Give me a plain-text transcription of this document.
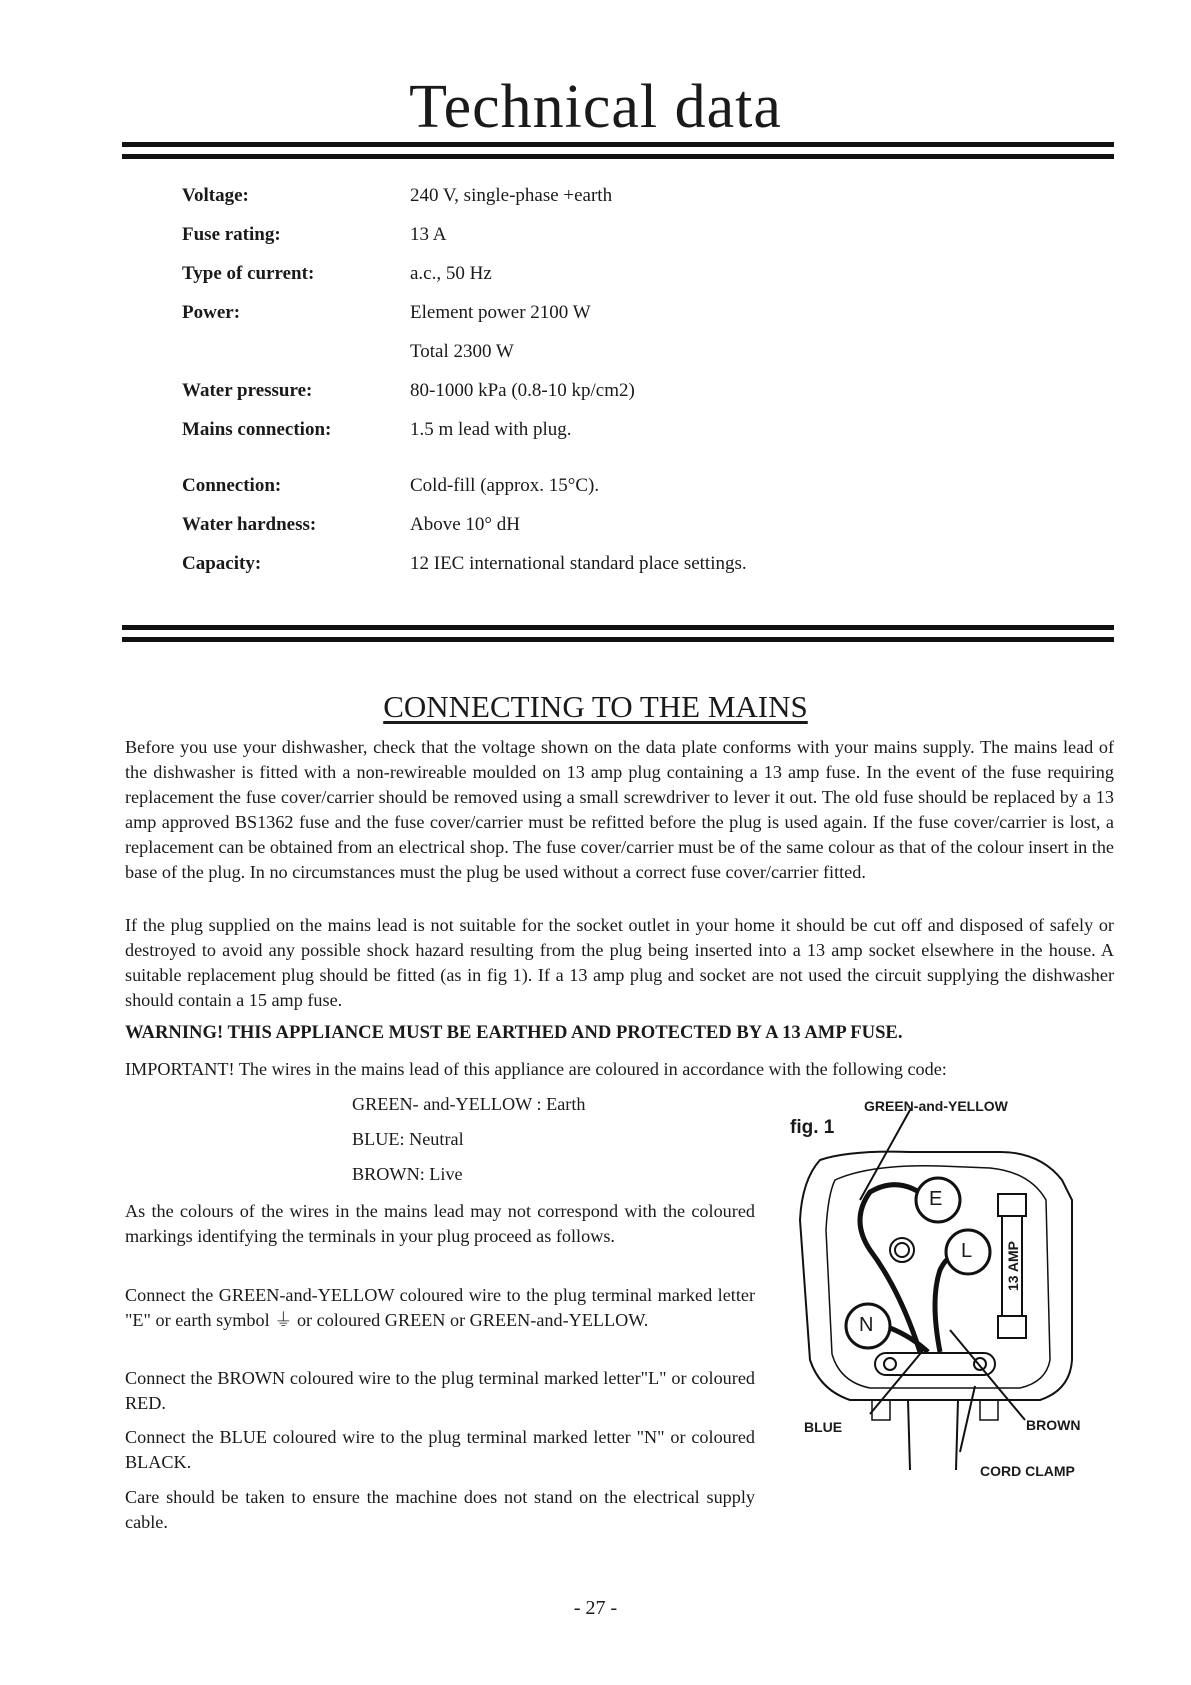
Technical data
Voltage:	240 V, single-phase +earth
Fuse rating:	13 A
Type of current:	a.c., 50 Hz
Power:	Element power 2100 W
Total 2300 W
Water pressure:	80-1000 kPa (0.8-10 kp/cm2)
Mains connection:	1.5 m lead with plug.
Connection:	Cold-fill (approx. 15°C).
Water hardness:	Above 10° dH
Capacity:	12 IEC international standard place settings.
CONNECTING TO THE MAINS
Before you use your dishwasher, check that the voltage shown on the data plate conforms with your mains supply. The mains lead of the dishwasher is fitted with a non-rewireable moulded on 13 amp plug containing a 13 amp fuse. In the event of the fuse requiring replacement the fuse cover/carrier should be removed using a small screwdriver to lever it out. The old fuse should be replaced by a 13 amp approved BS1362 fuse and the fuse cover/carrier must be refitted before the plug is used again. If the fuse cover/carrier is lost, a replacement can be obtained from an electrical shop. The fuse cover/carrier must be of the same colour as that of the colour insert in the base of the plug. In no circumstances must the plug be used without a correct fuse cover/carrier fitted.
If the plug supplied on the mains lead is not suitable for the socket outlet in your home it should be cut off and disposed of safely or destroyed to avoid any possible shock hazard resulting from the plug being inserted into a 13 amp socket elsewhere in the house. A suitable replacement plug should be fitted (as in fig 1). If a 13 amp plug and socket are not used the circuit supplying the dishwasher should contain a 15 amp fuse.
WARNING! THIS APPLIANCE MUST BE EARTHED AND PROTECTED BY A 13 AMP FUSE.
IMPORTANT! The wires in the mains lead of this appliance are coloured in accordance with the following code:
GREEN- and-YELLOW : Earth
BLUE: Neutral
BROWN: Live
As the colours of the wires in the mains lead may not correspond with the coloured markings identifying the terminals in your plug proceed as follows.
Connect the GREEN-and-YELLOW coloured wire to the plug terminal marked letter "E" or earth symbol ⏚ or coloured GREEN or GREEN-and-YELLOW.
Connect the BROWN coloured wire to the plug terminal marked letter"L" or coloured RED.
Connect the BLUE coloured wire to the plug terminal marked letter "N" or coloured BLACK.
Care should be taken to ensure the machine does not stand on the electrical supply cable.
fig. 1
GREEN-and-YELLOW
BLUE	BROWN
CORD CLAMP
E
L
N
13 AMP
- 27 -
